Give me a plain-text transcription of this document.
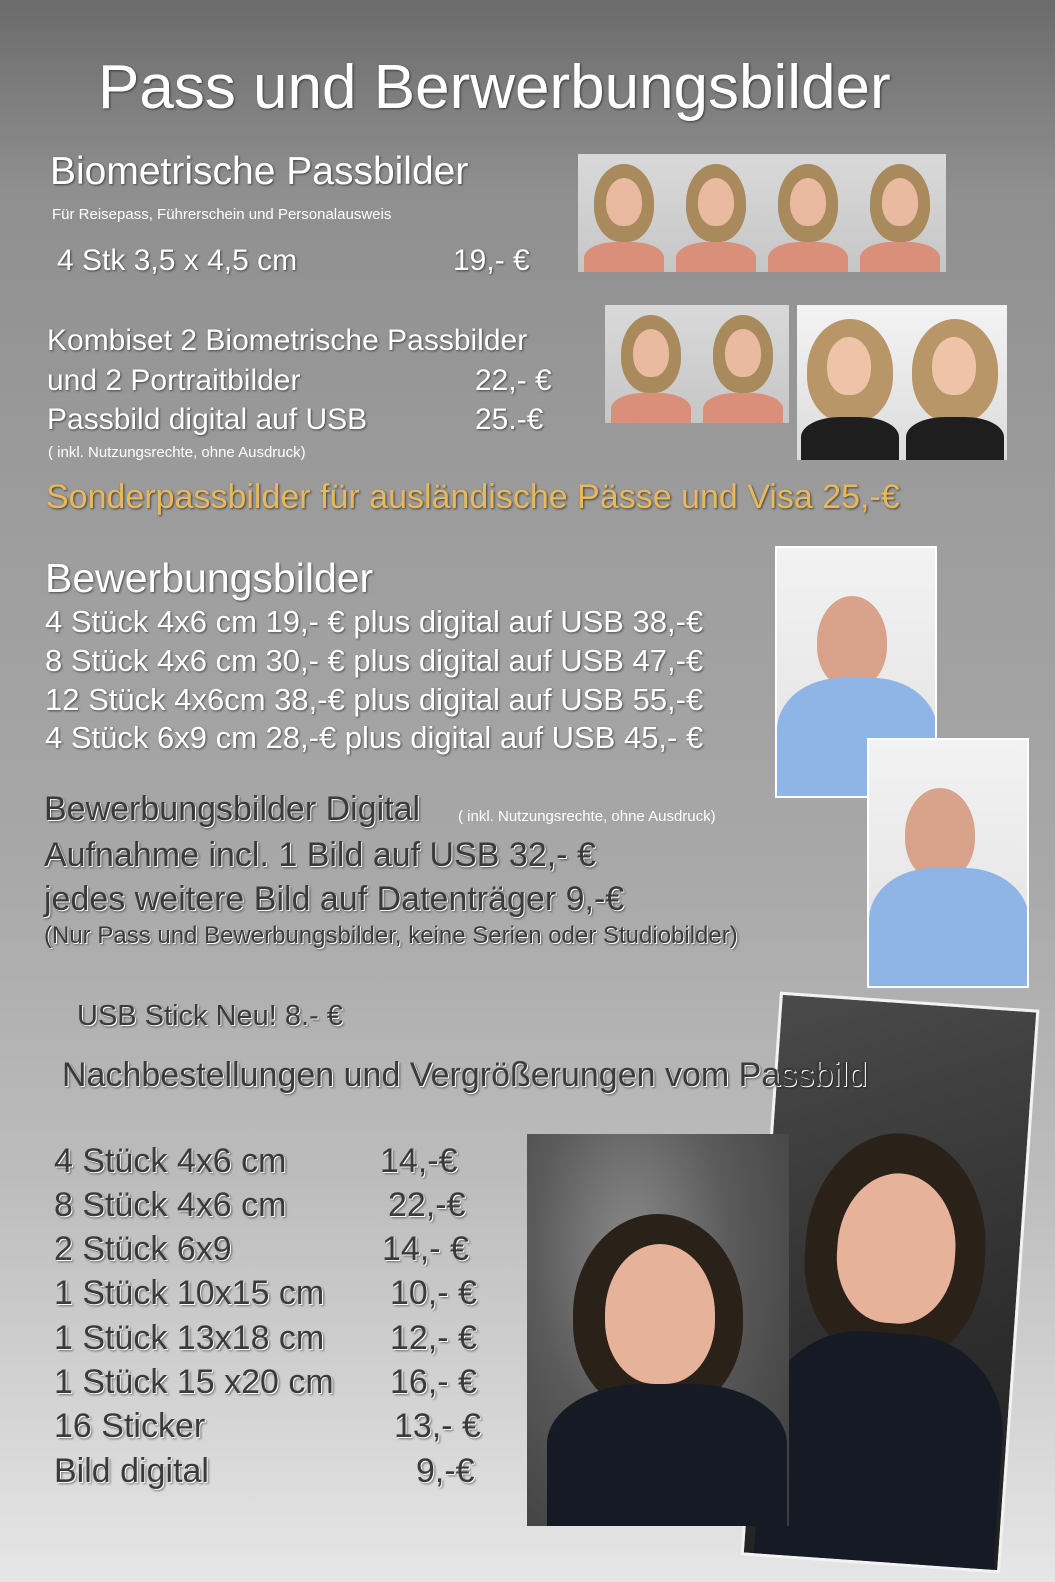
Pass und Berwerbungsbilder
Biometrische Passbilder
Für Reisepass, Führerschein und Personalausweis
4 Stk 3,5 x 4,5 cm	19,- €
Kombiset 2 Biometrische Passbilder
und 2 Portraitbilder	22,- €
Passbild digital auf USB	25.-€
( inkl. Nutzungsrechte, ohne Ausdruck)
Sonderpassbilder für ausländische Pässe und Visa 25,-€
Bewerbungsbilder
4 Stück 4x6 cm 19,- € plus digital auf USB 38,-€
8 Stück 4x6 cm 30,- € plus digital auf USB 47,-€
12 Stück 4x6cm 38,-€ plus digital auf USB 55,-€
4 Stück 6x9 cm 28,-€ plus digital auf USB 45,- €
Bewerbungsbilder Digital	( inkl. Nutzungsrechte, ohne Ausdruck)
Aufnahme incl. 1 Bild auf USB 32,- €
jedes weitere Bild auf Datenträger 9,-€
(Nur Pass und Bewerbungsbilder, keine Serien oder Studiobilder)
USB Stick Neu! 8.- €
Nachbestellungen und Vergrößerungen vom Passbild
4 Stück 4x6 cm	14,-€
8 Stück 4x6 cm	22,-€
2 Stück 6x9	14,- €
1 Stück 10x15 cm 10,- €
1 Stück 13x18 cm 12,- €
1 Stück 15 x20 cm 16,- €
16 Sticker	13,- €
Bild digital	9,-€
